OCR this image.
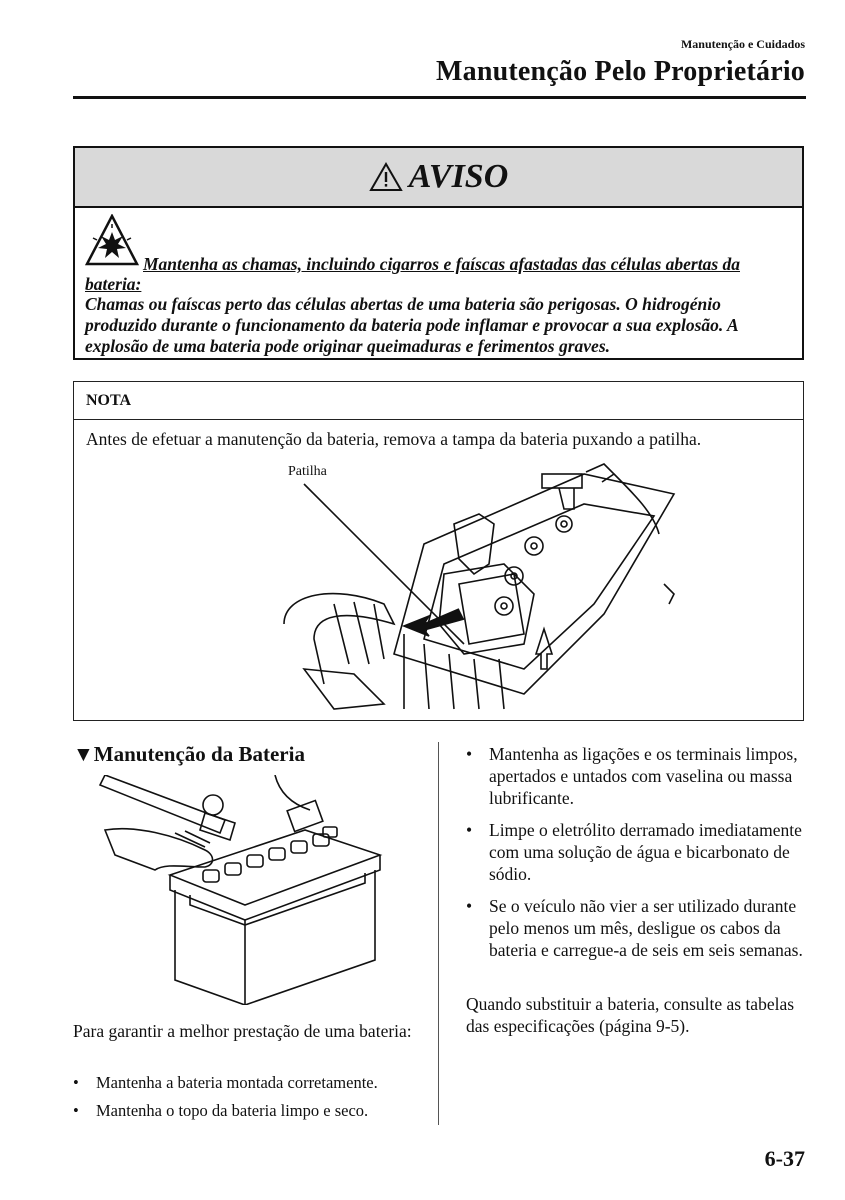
Manutenção e Cuidados
Manutenção Pelo Proprietário
AVISO
Mantenha as chamas, incluindo cigarros e faíscas afastadas das células abertas da bateria:
Chamas ou faíscas perto das células abertas de uma bateria são perigosas. O hidrogénio produzido durante o funcionamento da bateria pode inflamar e provocar a sua explosão. A explosão de uma bateria pode originar queimaduras e ferimentos graves.
NOTA
Antes de efetuar a manutenção da bateria, remova a tampa da bateria puxando a patilha.
Patilha
▼Manutenção da Bateria
Para garantir a melhor prestação de uma bateria:
•	Mantenha a bateria montada corretamente.
•	Mantenha o topo da bateria limpo e seco.
• Mantenha as ligações e os terminais limpos, apertados e untados com vaselina ou massa lubrificante.
• Limpe o eletrólito derramado imediatamente com uma solução de água e bicarbonato de sódio.
• Se o veículo não vier a ser utilizado durante pelo menos um mês, desligue os cabos da bateria e carregue-a de seis em seis semanas.
Quando substituir a bateria, consulte as tabelas das especificações (página 9-5).
6-37
